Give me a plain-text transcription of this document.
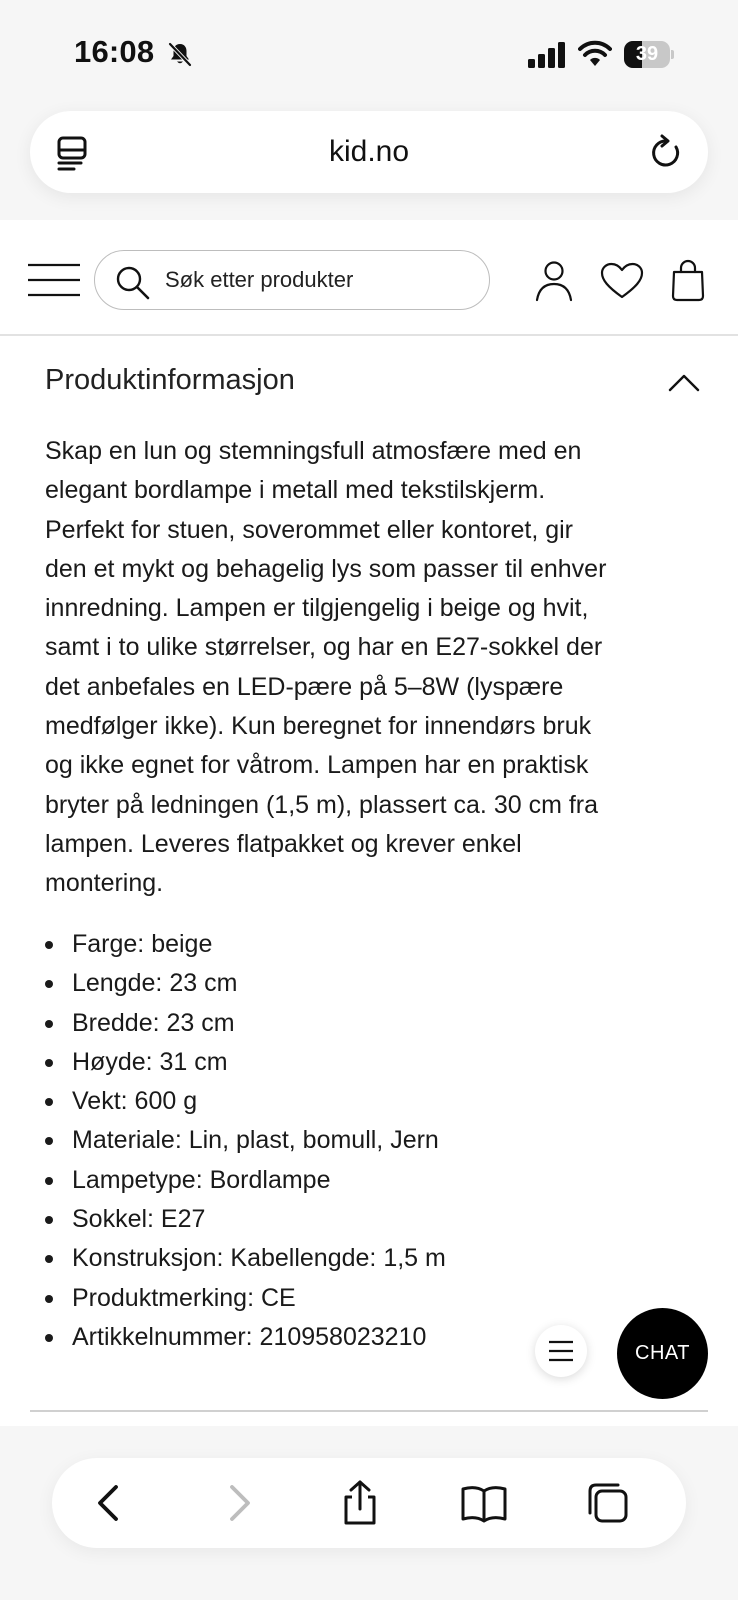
16:08	39
kid.no
Søk etter produkter
Produktinformasjon
Skap en lun og stemningsfull atmosfære med en
elegant bordlampe i metall med tekstilskjerm.
Perfekt for stuen, soverommet eller kontoret, gir
den et mykt og behagelig lys som passer til enhver
innredning. Lampen er tilgjengelig i beige og hvit,
samt i to ulike størrelser, og har en E27-sokkel der
det anbefales en LED-pære på 5–8W (lyspære
medfølger ikke). Kun beregnet for innendørs bruk
og ikke egnet for våtrom. Lampen har en praktisk
bryter på ledningen (1,5 m), plassert ca. 30 cm fra
lampen. Leveres flatpakket og krever enkel
montering.
Farge: beige
Lengde: 23 cm
Bredde: 23 cm
Høyde: 31 cm
Vekt: 600 g
Materiale: Lin, plast, bomull, Jern
Lampetype: Bordlampe
Sokkel: E27
Konstruksjon: Kabellengde: 1,5 m
Produktmerking: CE
Artikkelnummer: 210958023210
CHAT
